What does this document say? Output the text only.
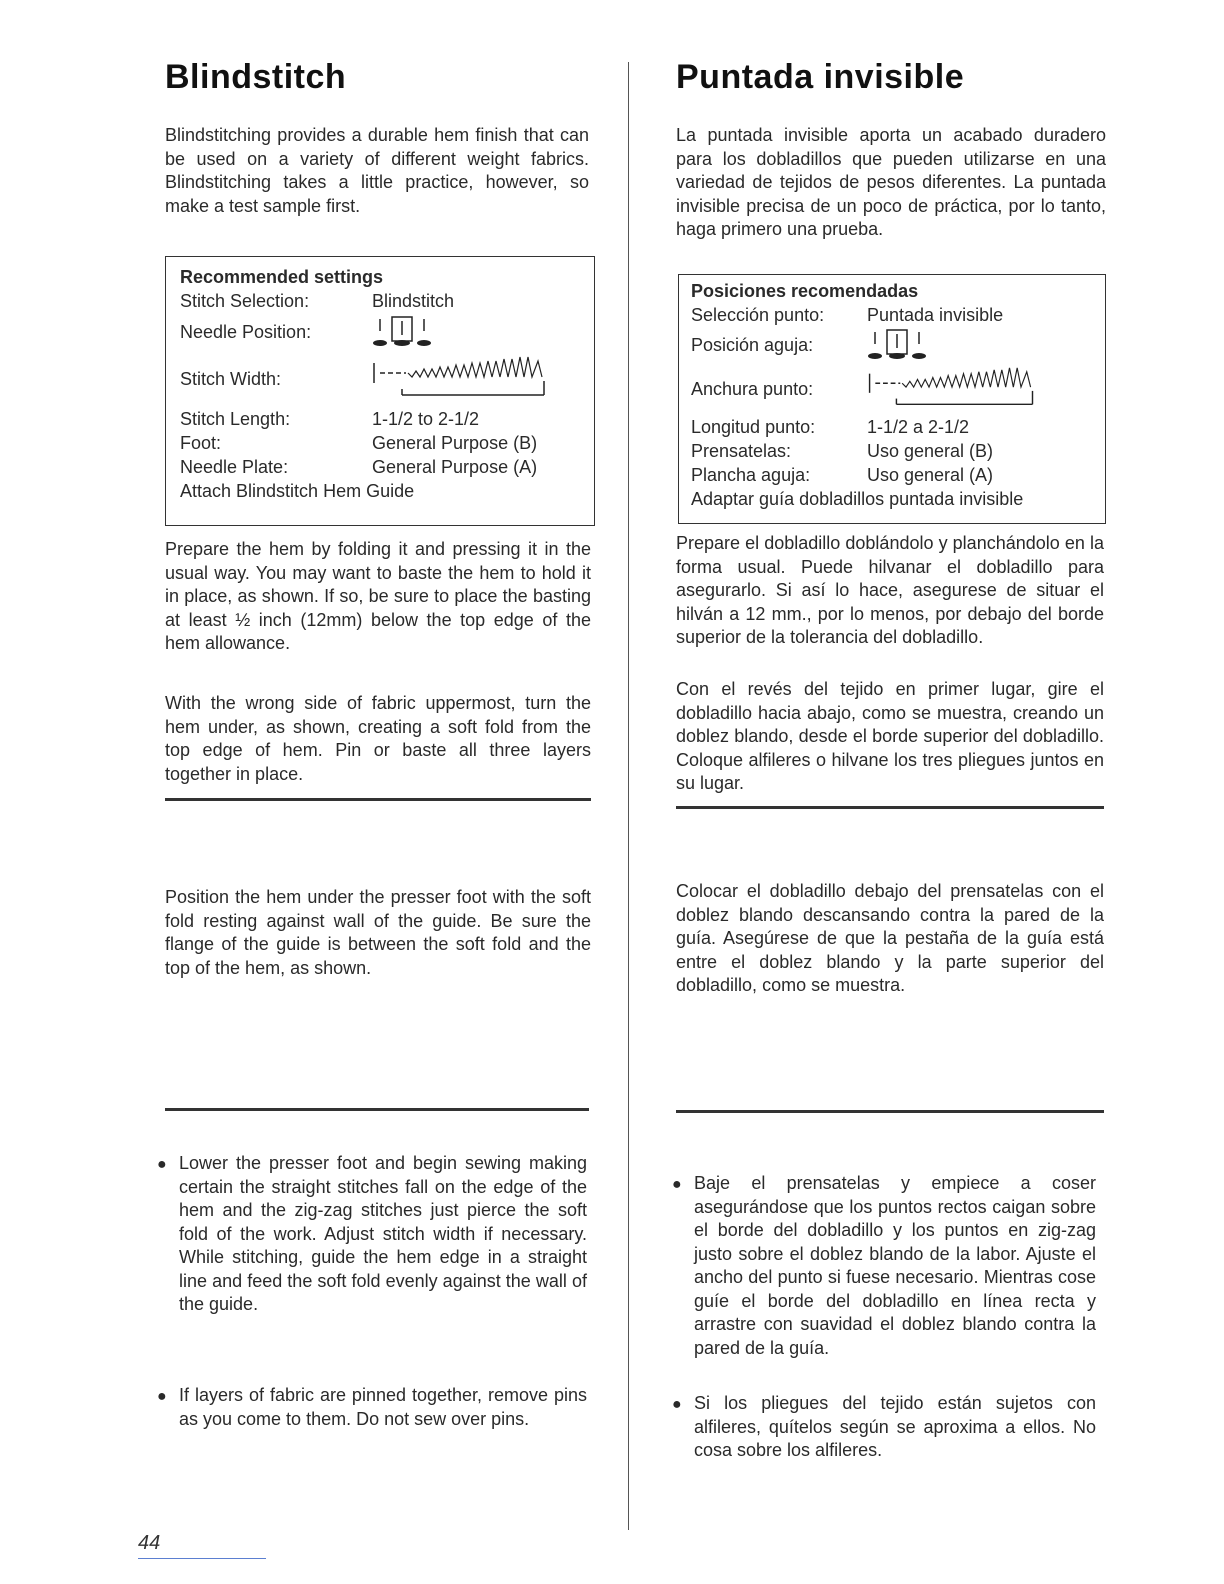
Blindstitch

Blindstitching provides a durable hem finish that can be used on a variety of different weight fabrics. Blindstitching takes a little practice, however, so make a test sample first.

Recommended settings
Stitch Selection:	Blindstitch
Needle Position:
Stitch Width:
Stitch Length:	1-1/2 to 2-1/2
Foot:	General Purpose (B)
Needle Plate:	General Purpose (A)
Attach Blindstitch Hem Guide

Prepare the hem by folding it and pressing it in the usual way. You may want to baste the hem to hold it in place, as shown. If so, be sure to place the basting at least ½ inch (12mm) below the top edge of the hem allowance.

With the wrong side of fabric uppermost, turn the hem under, as shown, creating a soft fold from the top edge of hem. Pin or baste all three layers together in place.

Position the hem under the presser foot with the soft fold resting against wall of the guide. Be sure the flange of the guide is between the soft fold and the top of the hem, as shown.

● Lower the presser foot and begin sewing making certain the straight stitches fall on the edge of the hem and the zig-zag stitches just pierce the soft fold of the work. Adjust stitch width if necessary. While stitching, guide the hem edge in a straight line and feed the soft fold evenly against the wall of the guide.
● If layers of fabric are pinned together, remove pins as you come to them. Do not sew over pins.
Puntada invisible

La puntada invisible aporta un acabado duradero para los dobladillos que pueden utilizarse en una variedad de tejidos de pesos diferentes. La puntada invisible precisa de un poco de práctica, por lo tanto, haga primero una prueba.

Posiciones recomendadas
Selección punto:	Puntada invisible
Posición aguja:
Anchura punto:
Longitud punto:	1-1/2 a 2-1/2
Prensatelas:	Uso general (B)
Plancha aguja:	Uso general (A)
Adaptar guía dobladillos puntada invisible

Prepare el dobladillo doblándolo y planchándolo en la forma usual. Puede hilvanar el dobladillo para asegurarlo. Si así lo hace, asegurese de situar el hilván a 12 mm., por lo menos, por debajo del borde superior de la tolerancia del dobladillo.

Con el revés del tejido en primer lugar, gire el dobladillo hacia abajo, como se muestra, creando un doblez blando, desde el borde superior del dobladillo. Coloque alfileres o hilvane los tres pliegues juntos en su lugar.

Colocar el dobladillo debajo del prensatelas con el doblez blando descansando contra la pared de la guía. Asegúrese de que la pestaña de la guía está entre el doblez blando y la parte superior del dobladillo, como se muestra.

● Baje el prensatelas y empiece a coser asegurándose que los puntos rectos caigan sobre el borde del dobladillo y los puntos en zig-zag justo sobre el doblez blando de la labor. Ajuste el ancho del punto si fuese necesario. Mientras cose guíe el borde del dobladillo en línea recta y arrastre con suavidad el doblez blando contra la pared de la guía.
● Si los pliegues del tejido están sujetos con alfileres, quítelos según se aproxima a ellos. No cosa sobre los alfileres.
44
